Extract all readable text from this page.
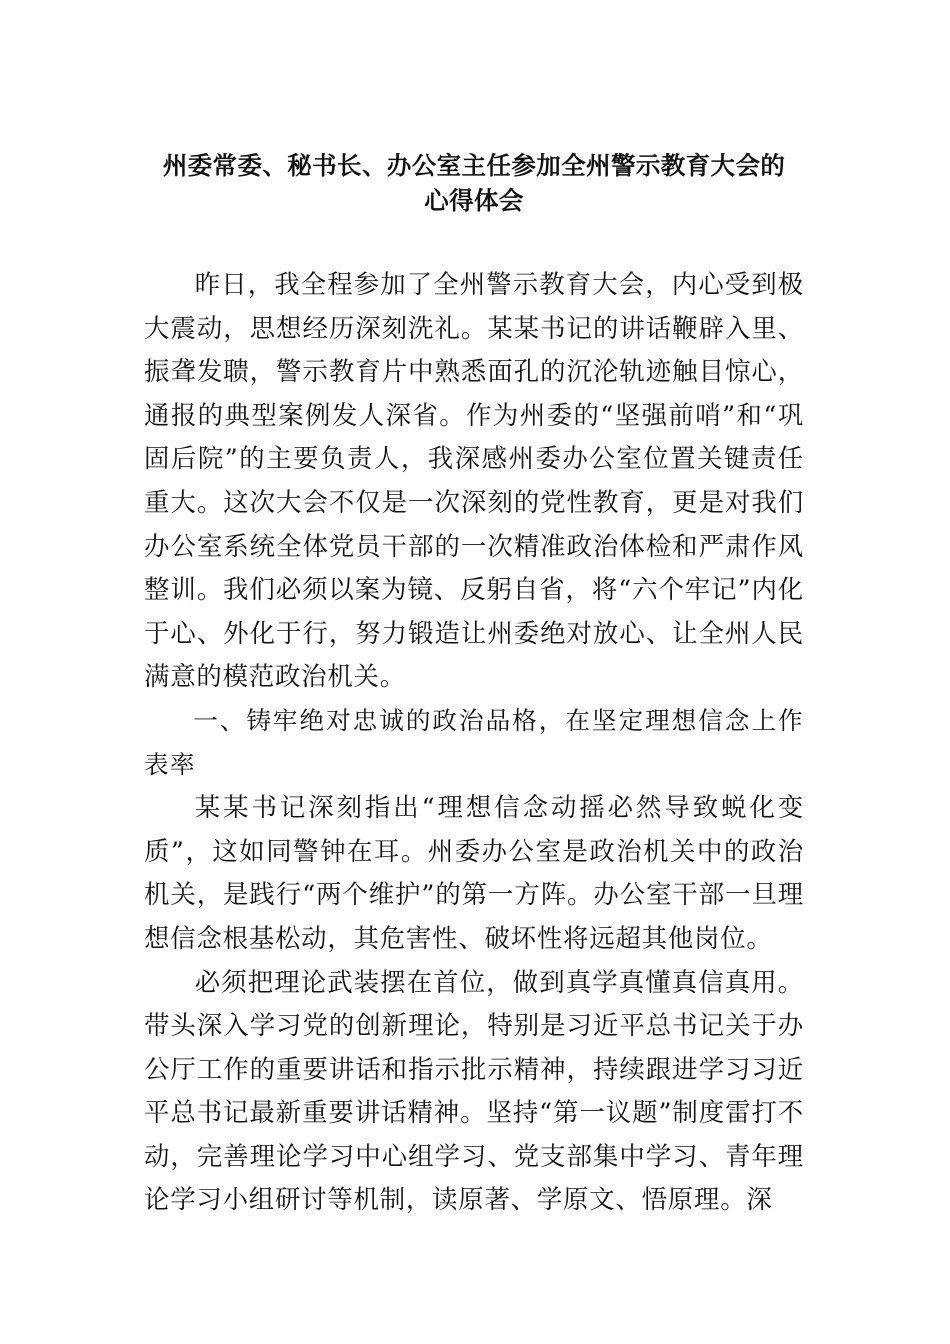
州委常委、秘书长、办公室主任参加全州警示教育大会的
心得体会

昨日，我全程参加了全州警示教育大会，内心受到极大震动，思想经历深刻洗礼。某某书记的讲话鞭辟入里、振聋发聩，警示教育片中熟悉面孔的沉沦轨迹触目惊心，通报的典型案例发人深省。作为州委的“坚强前哨”和“巩固后院”的主要负责人，我深感州委办公室位置关键责任重大。这次大会不仅是一次深刻的党性教育，更是对我们办公室系统全体党员干部的一次精准政治体检和严肃作风整训。我们必须以案为镜、反躬自省，将“六个牢记”内化于心、外化于行，努力锻造让州委绝对放心、让全州人民满意的模范政治机关。

一、铸牢绝对忠诚的政治品格，在坚定理想信念上作表率

某某书记深刻指出“理想信念动摇必然导致蜕化变质”，这如同警钟在耳。州委办公室是政治机关中的政治机关，是践行“两个维护”的第一方阵。办公室干部一旦理想信念根基松动，其危害性、破坏性将远超其他岗位。

必须把理论武装摆在首位，做到真学真懂真信真用。带头深入学习党的创新理论，特别是习近平总书记关于办公厅工作的重要讲话和指示批示精神，持续跟进学习习近平总书记最新重要讲话精神。坚持“第一议题”制度雷打不动，完善理论学习中心组学习、党支部集中学习、青年理论学习小组研讨等机制，读原著、学原文、悟原理。深
